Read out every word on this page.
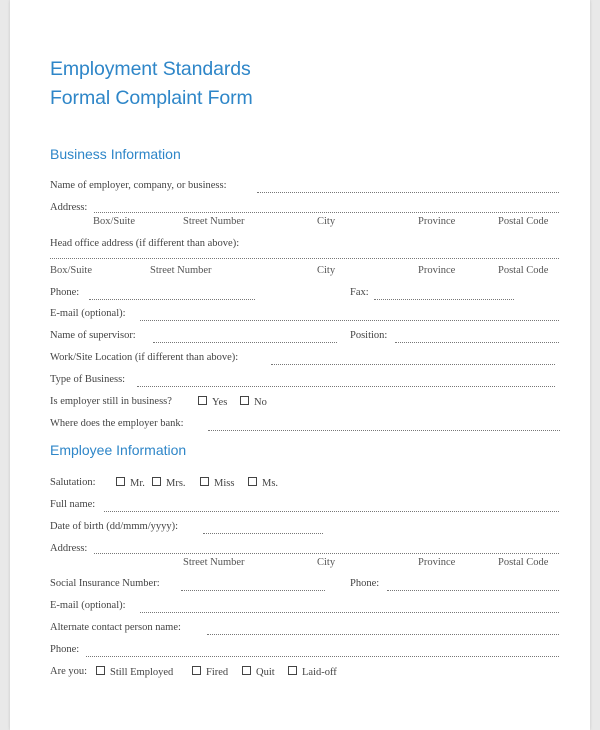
Employment Standards
Formal Complaint Form
Business Information
Name of employer, company, or business:
Address:
Box/Suite	Street Number	City	Province	Postal Code
Head office address (if different than above):
Box/Suite	Street Number	City	Province	Postal Code
Phone:	Fax:
E-mail (optional):
Name of supervisor:	Position:
Work/Site Location (if different than above):
Type of Business:
Is employer still in business?	Yes	No
Where does the employer bank:
Employee Information
Salutation:	Mr.	Mrs.	Miss	Ms.
Full name:
Date of birth (dd/mmm/yyyy):
Address:
Street Number	City	Province	Postal Code
Social Insurance Number:	Phone:
E-mail (optional):
Alternate contact person name:
Phone:
Are you:	Still Employed	Fired	Quit	Laid-off
